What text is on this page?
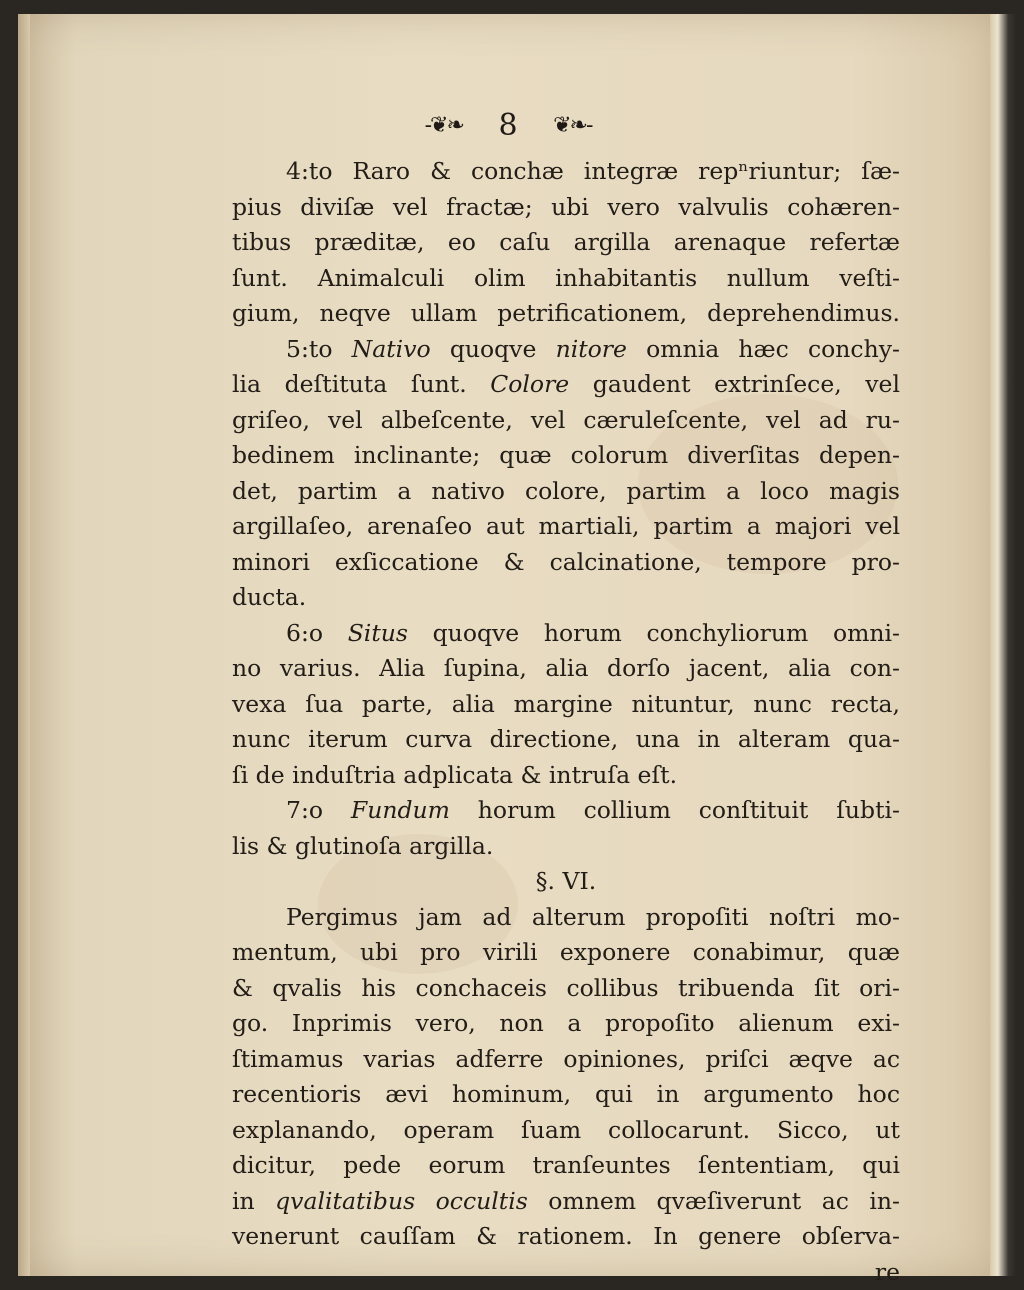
-❦❧ 8 ❦❧-
4:to Raro & conchæ integræ repⁿriuntur; ſæ-
pius diviſæ vel fractæ; ubi vero valvulis cohæren-
tibus præditæ, eo caſu argilla arenaque refertæ
ſunt. Animalculi olim inhabitantis nullum veſti-
gium, neqve ullam petrificationem, deprehendimus.
5:to Nativo quoqve nitore omnia hæc conchy-
lia deſtituta ſunt. Colore gaudent extrinſece, vel
griſeo, vel albeſcente, vel cæruleſcente, vel ad ru-
bedinem inclinante; quæ colorum diverſitas depen-
det, partim a nativo colore, partim a loco magis
argillaſeo, arenaſeo aut martiali, partim a majori vel
minori exſiccatione & calcinatione, tempore pro-
ducta.
6:o Situs quoqve horum conchyliorum omni-
no varius. Alia ſupina, alia dorſo jacent, alia con-
vexa ſua parte, alia margine nituntur, nunc recta,
nunc iterum curva directione, una in alteram qua-
ſi de induſtria adplicata & intruſa eſt.
7:o Fundum horum collium conſtituit ſubti-
lis & glutinoſa argilla.
§. VI.
Pergimus jam ad alterum propoſiti noſtri mo-
mentum, ubi pro virili exponere conabimur, quæ
& qvalis his conchaceis collibus tribuenda ſit ori-
go. Inprimis vero, non a propoſito alienum exi-
ſtimamus varias adferre opiniones, priſci æqve ac
recentioris ævi hominum, qui in argumento hoc
explanando, operam ſuam collocarunt. Sicco, ut
dicitur, pede eorum tranſeuntes ſententiam, qui
in qvalitatibus occultis omnem qvæſiverunt ac in-
venerunt cauſſam & rationem. In genere obſerva-
re
